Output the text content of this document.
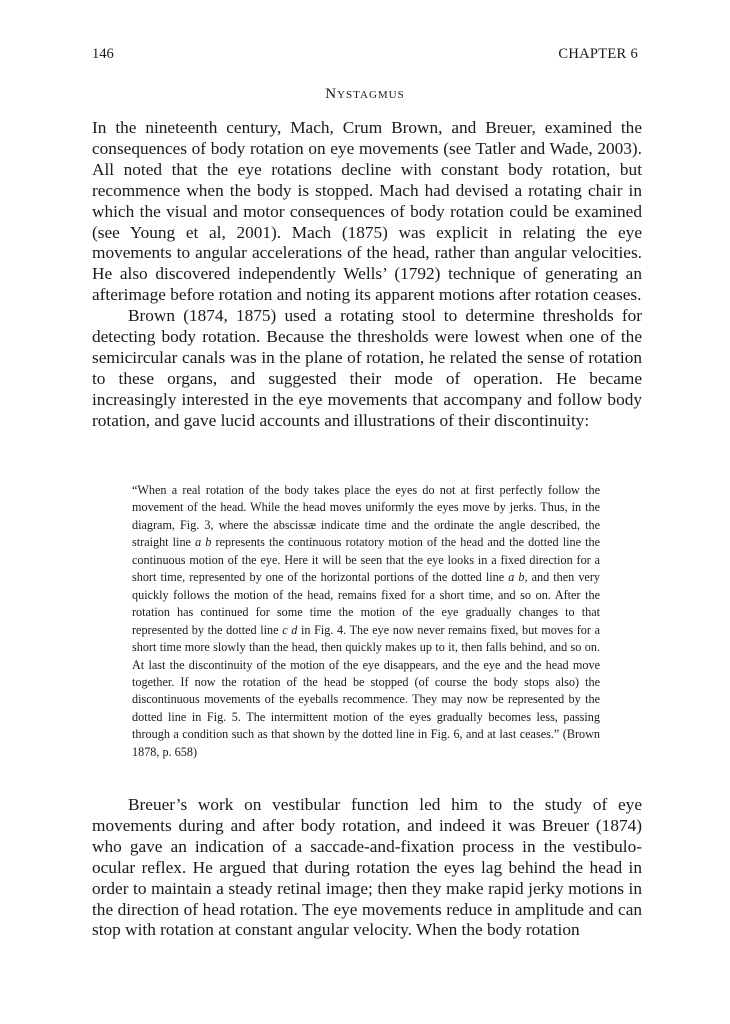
146	CHAPTER 6
Nystagmus

In the nineteenth century, Mach, Crum Brown, and Breuer, examined the consequences of body rotation on eye movements (see Tatler and Wade, 2003). All noted that the eye rotations decline with constant body rotation, but recommence when the body is stopped. Mach had devised a rotating chair in which the visual and motor consequences of body rotation could be examined (see Young et al, 2001). Mach (1875) was explicit in relating the eye movements to angular accelerations of the head, rather than angular velocities. He also discovered independently Wells’ (1792) technique of generating an afterimage before rotation and noting its apparent motions after rotation ceases.

Brown (1874, 1875) used a rotating stool to determine thresholds for detecting body rotation. Because the thresholds were lowest when one of the semicircular canals was in the plane of rotation, he related the sense of rotation to these organs, and suggested their mode of operation. He became increasingly interested in the eye movements that accompany and follow body rotation, and gave lucid accounts and illustrations of their discontinuity:

“When a real rotation of the body takes place the eyes do not at first perfectly follow the movement of the head. While the head moves uniformly the eyes move by jerks. Thus, in the diagram, Fig. 3, where the abscissæ indicate time and the ordinate the angle described, the straight line a b represents the continuous rotatory motion of the head and the dotted line the continuous motion of the eye. Here it will be seen that the eye looks in a fixed direction for a short time, represented by one of the horizontal portions of the dotted line a b, and then very quickly follows the motion of the head, remains fixed for a short time, and so on. After the rotation has continued for some time the motion of the eye gradually changes to that represented by the dotted line c d in Fig. 4. The eye now never remains fixed, but moves for a short time more slowly than the head, then quickly makes up to it, then falls behind, and so on. At last the discontinuity of the motion of the eye disappears, and the eye and the head move together. If now the rotation of the head be stopped (of course the body stops also) the discontinuous movements of the eyeballs recommence. They may now be represented by the dotted line in Fig. 5. The intermittent motion of the eyes gradually becomes less, passing through a condition such as that shown by the dotted line in Fig. 6, and at last ceases.” (Brown 1878, p. 658)

Breuer’s work on vestibular function led him to the study of eye movements during and after body rotation, and indeed it was Breuer (1874) who gave an indication of a saccade-and-fixation process in the vestibulo-ocular reflex. He argued that during rotation the eyes lag behind the head in order to maintain a steady retinal image; then they make rapid jerky motions in the direction of head rotation. The eye movements reduce in amplitude and can stop with rotation at constant angular velocity. When the body rotation
